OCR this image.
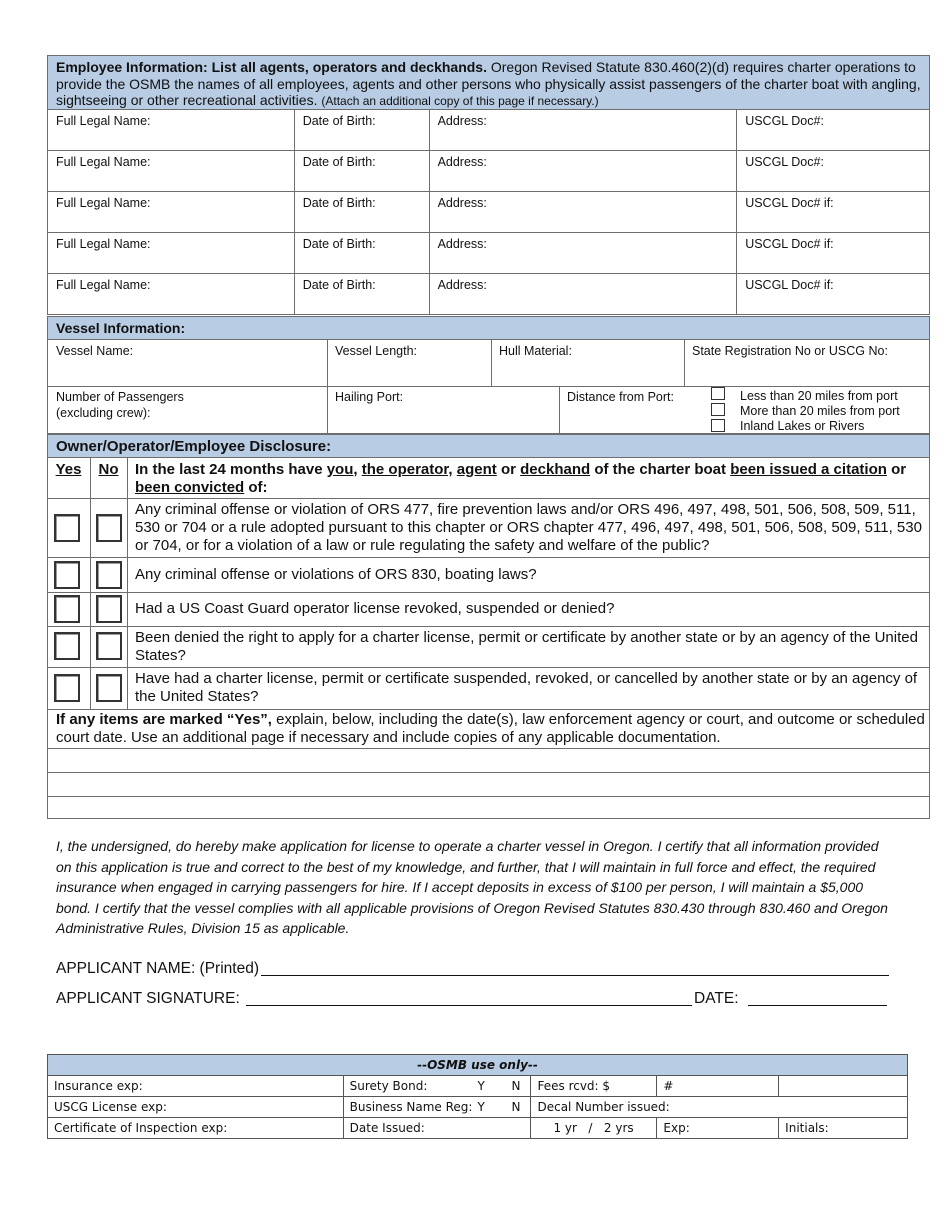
Employee Information: List all agents, operators and deckhands. Oregon Revised Statute 830.460(2)(d) requires charter operations to provide the OSMB the names of all employees, agents and other persons who physically assist passengers of the charter boat with angling, sightseeing or other recreational activities. (Attach an additional copy of this page if necessary.)
Full Legal Name:	Date of Birth:	Address:	USCGL Doc#:
Full Legal Name:	Date of Birth:	Address:	USCGL Doc#:
Full Legal Name:	Date of Birth:	Address:	USCGL Doc# if:
Full Legal Name:	Date of Birth:	Address:	USCGL Doc# if:
Full Legal Name:	Date of Birth:	Address:	USCGL Doc# if:
Vessel Information:
Vessel Name:	Vessel Length:	Hull Material:	State Registration No or USCG No:
Number of Passengers
(excluding crew):
Hailing Port:	Distance from Port:	Less than 20 miles from port
More than 20 miles from port
Inland Lakes or Rivers
Owner/Operator/Employee Disclosure:
Yes	No	In the last 24 months have you, the operator, agent or deckhand of the charter boat been issued a citation or been convicted of:
Any criminal offense or violation of ORS 477, fire prevention laws and/or ORS 496, 497, 498, 501, 506, 508, 509, 511, 530 or 704 or a rule adopted pursuant to this chapter or ORS chapter 477, 496, 497, 498, 501, 506, 508, 509, 511, 530 or 704, or for a violation of a law or rule regulating the safety and welfare of the public?
Any criminal offense or violations of ORS 830, boating laws?
Had a US Coast Guard operator license revoked, suspended or denied?
Been denied the right to apply for a charter license, permit or certificate by another state or by an agency of the United States?
Have had a charter license, permit or certificate suspended, revoked, or cancelled by another state or by an agency of the United States?
If any items are marked “Yes”, explain, below, including the date(s), law enforcement agency or court, and outcome or scheduled court date. Use an additional page if necessary and include copies of any applicable documentation.
I, the undersigned, do hereby make application for license to operate a charter vessel in Oregon. I certify that all information provided on this application is true and correct to the best of my knowledge, and further, that I will maintain in full force and effect, the required insurance when engaged in carrying passengers for hire. If I accept deposits in excess of $100 per person, I will maintain a $5,000 bond. I certify that the vessel complies with all applicable provisions of Oregon Revised Statutes 830.430 through 830.460 and Oregon Administrative Rules, Division 15 as applicable.
APPLICANT NAME: (Printed)
APPLICANT SIGNATURE:	DATE:
--OSMB use only--				
Insurance exp:	Surety Bond: Y N	Fees rcvd: $	#	
USCG License exp:	Business Name Reg: Y N	Decal Number issued:		
Certificate of Inspection exp:	Date Issued:	1 yr / 2 yrs	Exp:	Initials:
